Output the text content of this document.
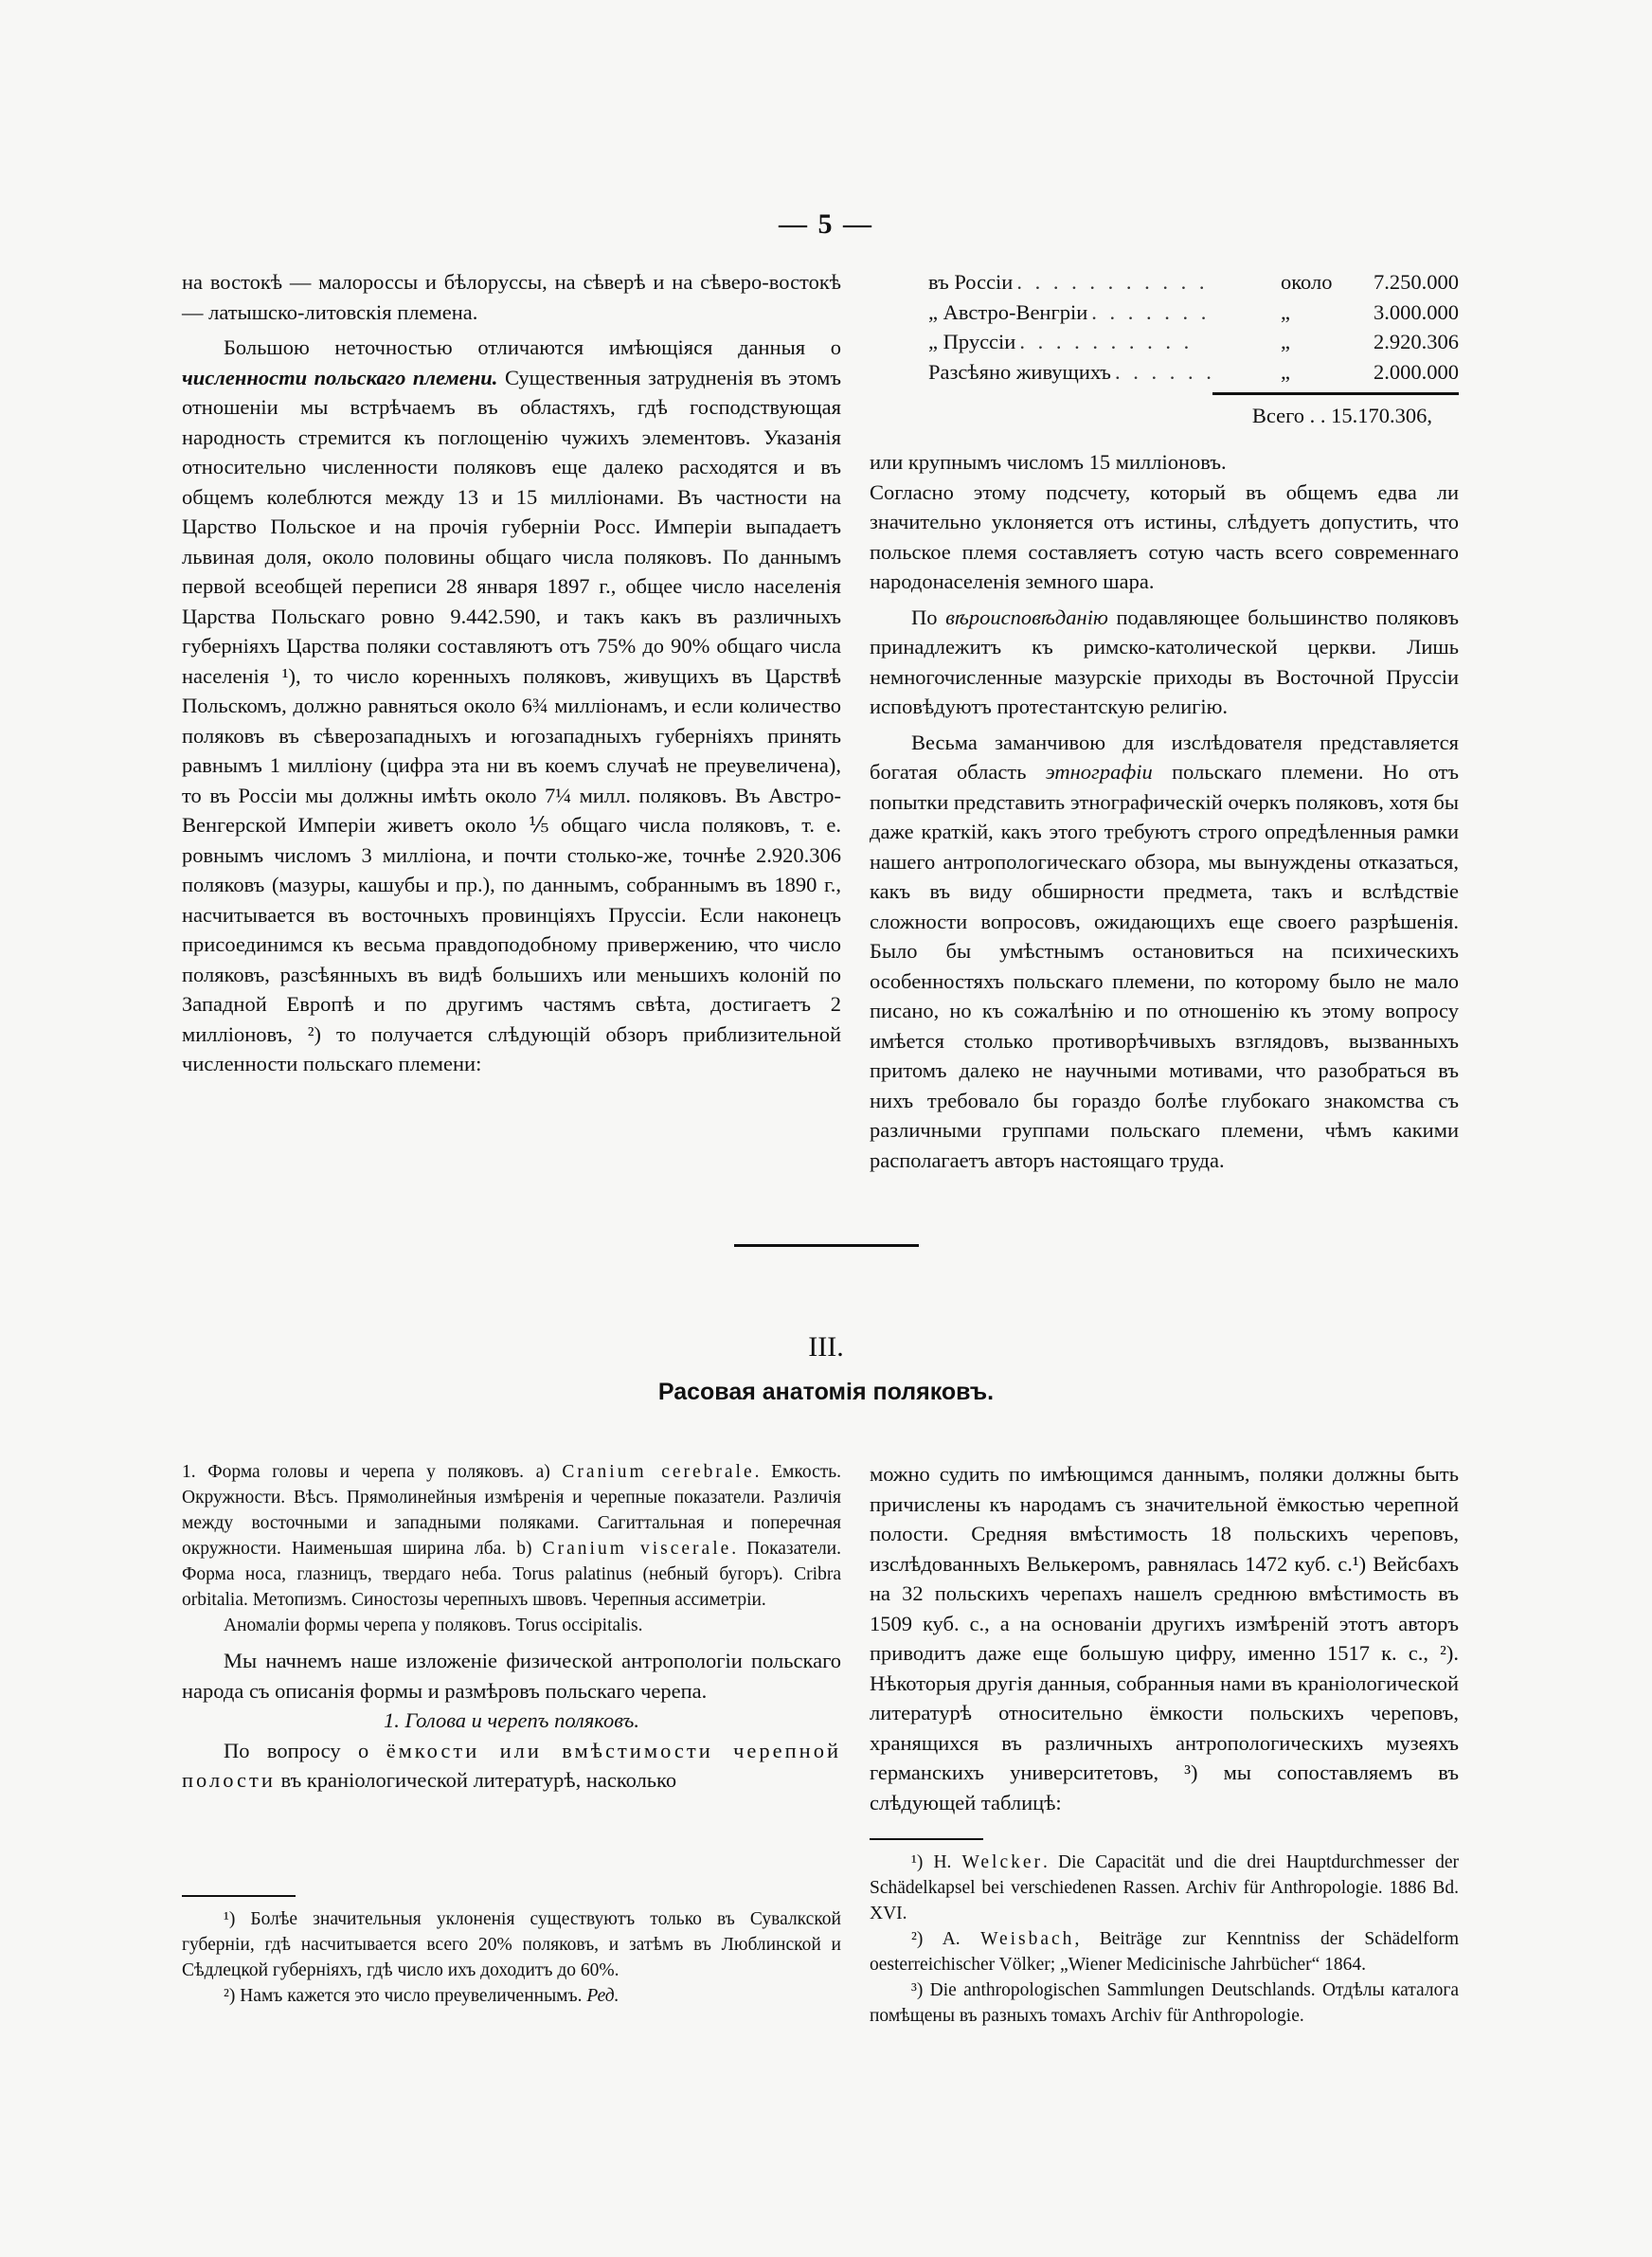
— 5 —

на востокѣ — малороссы и бѣлоруссы, на сѣверѣ и на сѣверо-востокѣ — латышско-литовскія племена.

Большою неточностью отличаются имѣющіяся данныя о численности польскаго племени. Существенныя затрудненія въ этомъ отношеніи мы встрѣчаемъ въ областяхъ, гдѣ господствующая народность стремится къ поглощенію чужихъ элементовъ. Указанія относительно численности поляковъ еще далеко расходятся и въ общемъ колеблются между 13 и 15 милліонами. Въ частности на Царство Польское и на прочія губерніи Росс. Имперіи выпадаетъ львиная доля, около половины общаго числа поляковъ. По даннымъ первой всеобщей переписи 28 января 1897 г., общее число населенія Царства Польскаго ровно 9.442.590, и такъ какъ въ различныхъ губерніяхъ Царства поляки составляютъ отъ 75% до 90% общаго числа населенія ¹), то число коренныхъ поляковъ, живущихъ въ Царствѣ Польскомъ, должно равняться около 6¾ милліонамъ, и если количество поляковъ въ сѣверозападныхъ и югозападныхъ губерніяхъ принять равнымъ 1 милліону (цифра эта ни въ коемъ случаѣ не преувеличена), то въ Россіи мы должны имѣть около 7¼ милл. поляковъ. Въ Австро-Венгерской Имперіи живетъ около ⅕ общаго числа поляковъ, т. е. ровнымъ числомъ 3 милліона, и почти столько-же, точнѣе 2.920.306 поляковъ (мазуры, кашубы и пр.), по даннымъ, собраннымъ въ 1890 г., насчитывается въ восточныхъ провинціяхъ Пруссіи. Если наконецъ присоединимся къ весьма правдоподобному привержению, что число поляковъ, разсѣянныхъ въ видѣ большихъ или меньшихъ колоній по Западной Европѣ и по другимъ частямъ свѣта, достигаетъ 2 милліоновъ, ²) то получается слѣдующій обзоръ приблизительной численности польскаго племени:

въ Россіи . . . . . . . . . . .	около	7.250.000
„ Австро-Венгріи . . . . . . .	„	3.000.000
„ Пруссіи . . . . . . . . . .	„	2.920.306
Разсѣяно живущихъ . . . . . .	„	2.000.000
Всего . . 15.170.306,

или крупнымъ числомъ 15 милліоновъ.

Согласно этому подсчету, который въ общемъ едва ли значительно уклоняется отъ истины, слѣдуетъ допустить, что польское племя составляетъ сотую часть всего современнаго народонаселенія земного шара.

По вѣроисповѣданію подавляющее большинство поляковъ принадлежитъ къ римско-католической церкви. Лишь немногочисленные мазурскіе приходы въ Восточной Пруссіи исповѣдуютъ протестантскую религію.

Весьма заманчивою для изслѣдователя представляется богатая область этнографіи польскаго племени. Но отъ попытки представить этнографическій очеркъ поляковъ, хотя бы даже краткій, какъ этого требуютъ строго опредѣленныя рамки нашего антропологическаго обзора, мы вынуждены отказаться, какъ въ виду обширности предмета, такъ и вслѣдствіе сложности вопросовъ, ожидающихъ еще своего разрѣшенія. Было бы умѣстнымъ остановиться на психическихъ особенностяхъ польскаго племени, по которому было не мало писано, но къ сожалѣнію и по отношенію къ этому вопросу имѣется столько противорѣчивыхъ взглядовъ, вызванныхъ притомъ далеко не научными мотивами, что разобраться въ нихъ требовало бы гораздо болѣе глубокаго знакомства съ различными группами польскаго племени, чѣмъ какими располагаетъ авторъ настоящаго труда.

III.
Расовая анатомія поляковъ.

1. Форма головы и черепа у поляковъ. a) Cranium cerebrale. Емкость. Окружности. Вѣсъ. Прямолинейныя измѣренія и черепные показатели. Различія между восточными и западными поляками. Сагиттальная и поперечная окружности. Наименьшая ширина лба. b) Cranium viscerale. Показатели. Форма носа, глазницъ, твердаго неба. Torus palatinus (небный бугоръ). Cribra orbitalia. Метопизмъ. Синостозы черепныхъ швовъ. Черепныя ассиметріи.

Аномаліи формы черепа у поляковъ. Torus occipitalis.

Мы начнемъ наше изложеніе физической антропологіи польскаго народа съ описанія формы и размѣровъ польскаго черепа.

1. Голова и черепъ поляковъ.

По вопросу о ёмкости или вмѣстимости черепной полости въ краніологической литературѣ, насколько

можно судить по имѣющимся даннымъ, поляки должны быть причислены къ народамъ съ значительной ёмкостью черепной полости. Средняя вмѣстимость 18 польскихъ череповъ, изслѣдованныхъ Велькеромъ, равнялась 1472 куб. с.¹) Вейсбахъ на 32 польскихъ черепахъ нашелъ среднюю вмѣстимость въ 1509 куб. с., а на основаніи другихъ измѣреній этотъ авторъ приводитъ даже еще большую цифру, именно 1517 к. с., ²). Нѣкоторыя другія данныя, собранныя нами въ краніологической литературѣ относительно ёмкости польскихъ череповъ, хранящихся въ различныхъ антропологическихъ музеяхъ германскихъ университетовъ, ³) мы сопоставляемъ въ слѣдующей таблицѣ:

¹) Болѣе значительныя уклоненія существуютъ только въ Сувалкской губерніи, гдѣ насчитывается всего 20% поляковъ, и затѣмъ въ Люблинской и Сѣдлецкой губерніяхъ, гдѣ число ихъ доходитъ до 60%.

²) Намъ кажется это число преувеличеннымъ. Ред.

¹) H. Welcker. Die Capacität und die drei Hauptdurchmesser der Schädelkapsel bei verschiedenen Rassen. Archiv für Anthropologie. 1886 Bd. XVI.

²) A. Weisbach, Beiträge zur Kenntniss der Schädelform oesterreichischer Völker; „Wiener Medicinische Jahrbücher“ 1864.

³) Die anthropologischen Sammlungen Deutschlands. Отдѣлы каталога помѣщены въ разныхъ томахъ Archiv für Anthropologie.
